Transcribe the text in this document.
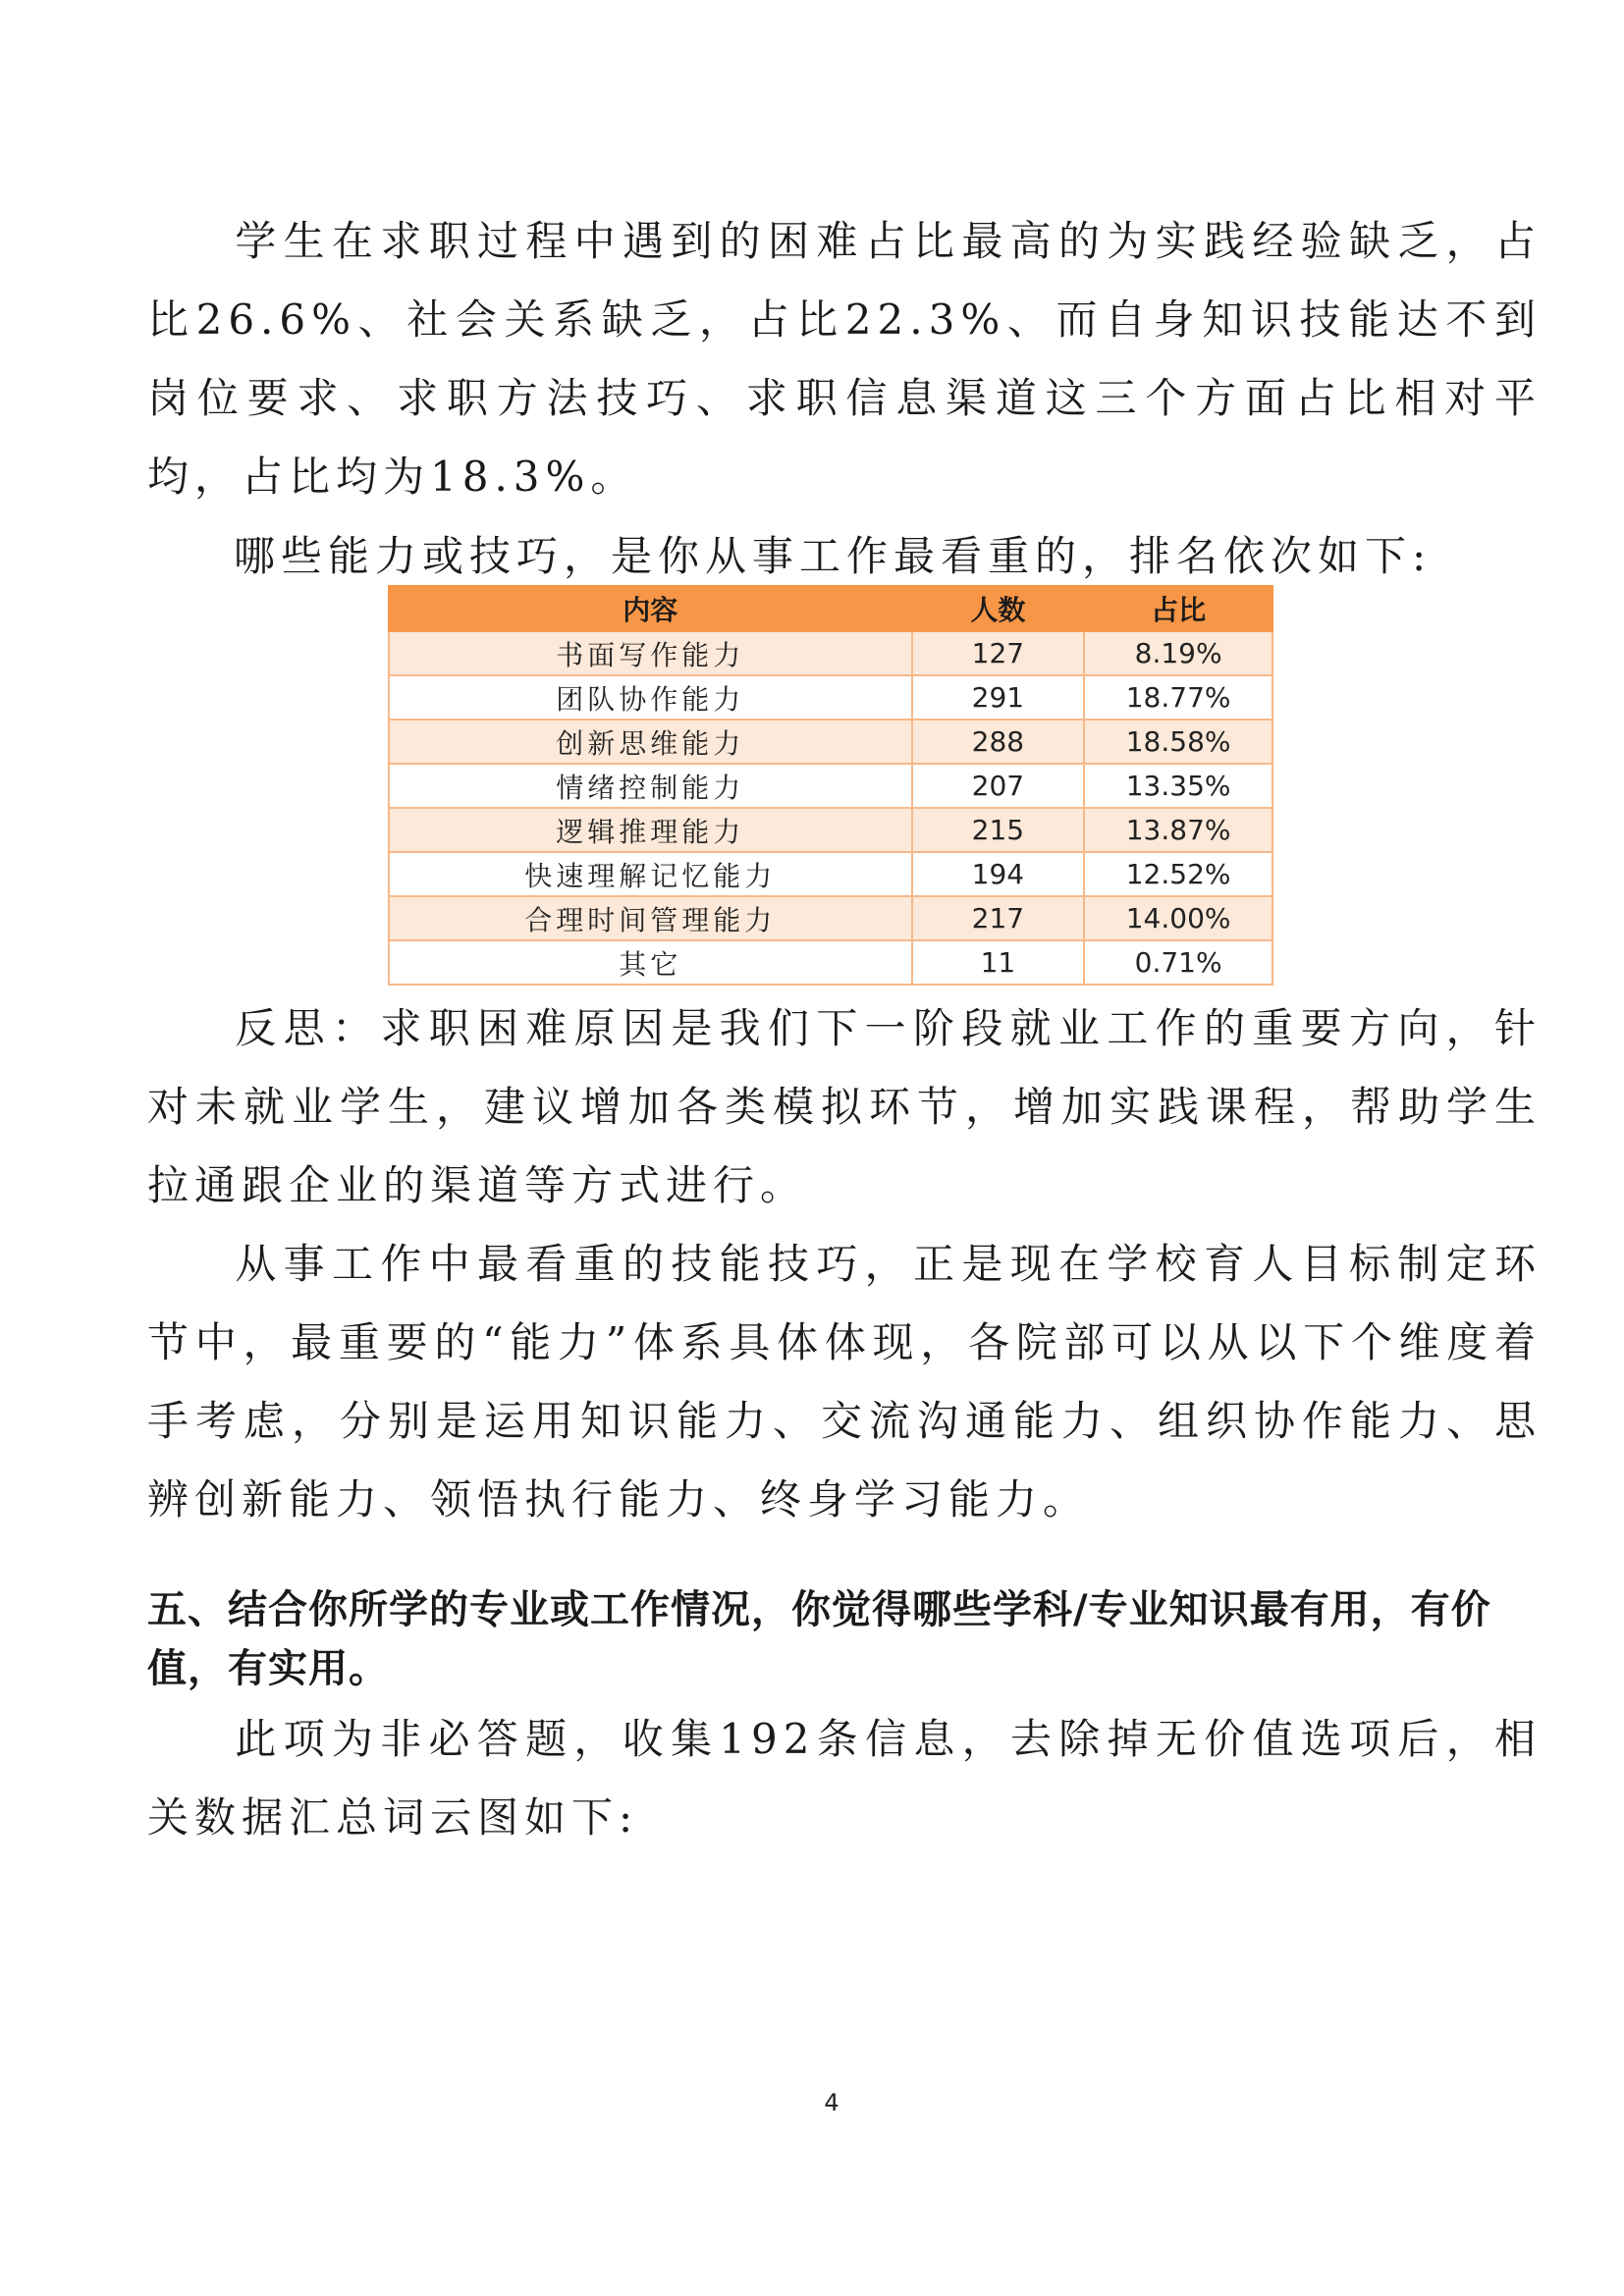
学生在求职过程中遇到的困难占比最高的为实践经验缺乏，占比26.6%、社会关系缺乏，占比22.3%、而自身知识技能达不到岗位要求、求职方法技巧、求职信息渠道这三个方面占比相对平均，占比均为18.3%。

哪些能力或技巧，是你从事工作最看重的，排名依次如下:

内容	人数	占比
书面写作能力	127	8.19%
团队协作能力	291	18.77%
创新思维能力	288	18.58%
情绪控制能力	207	13.35%
逻辑推理能力	215	13.87%
快速理解记忆能力	194	12.52%
合理时间管理能力	217	14.00%
其它	11	0.71%

反思：求职困难原因是我们下一阶段就业工作的重要方向，针对未就业学生，建议增加各类模拟环节，增加实践课程，帮助学生拉通跟企业的渠道等方式进行。

从事工作中最看重的技能技巧，正是现在学校育人目标制定环节中，最重要的“能力”体系具体体现，各院部可以从以下个维度着手考虑，分别是运用知识能力、交流沟通能力、组织协作能力、思辨创新能力、领悟执行能力、终身学习能力。

五、结合你所学的专业或工作情况，你觉得哪些学科/专业知识最有用，有价值，有实用。

此项为非必答题，收集192条信息，去除掉无价值选项后，相关数据汇总词云图如下:

4
